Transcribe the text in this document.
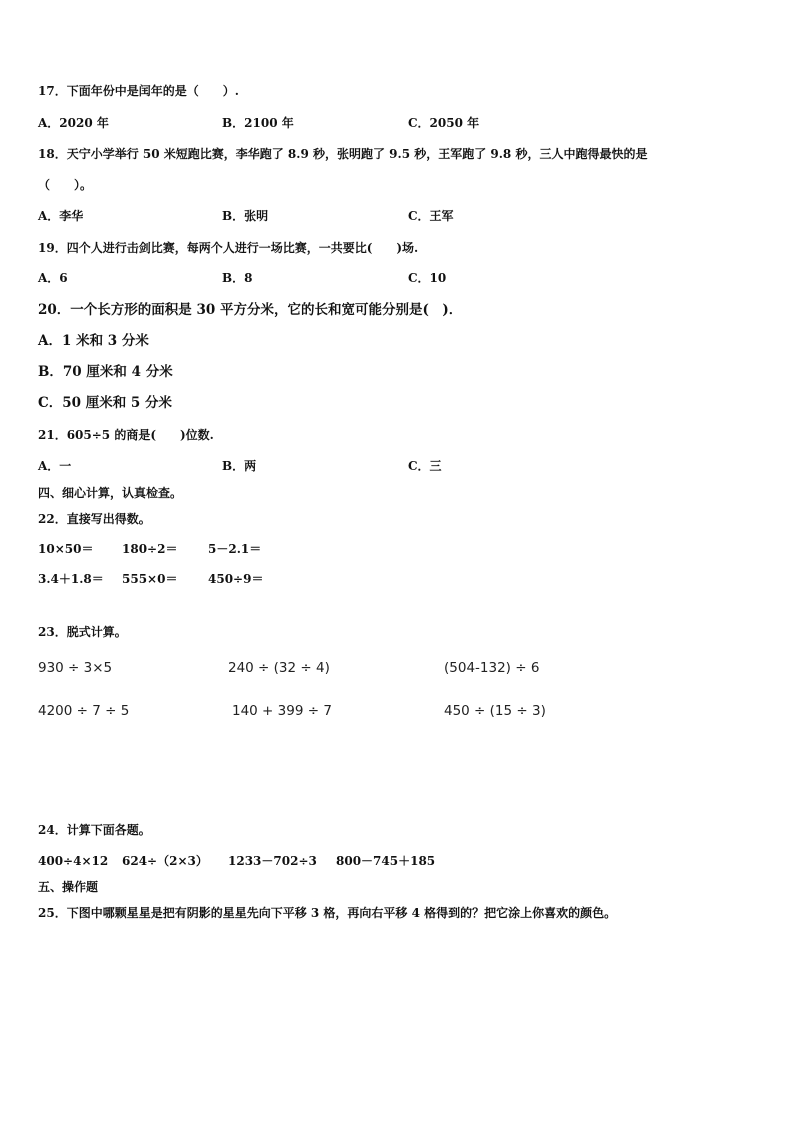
17．下面年份中是闰年的是（　　）.
A．2020 年	B．2100 年	C．2050 年
18．天宁小学举行 50 米短跑比赛，李华跑了 8.9 秒，张明跑了 9.5 秒，王军跑了 9.8 秒，三人中跑得最快的是
（　　）。
A．李华	B．张明	C．王军
19．四个人进行击剑比赛，每两个人进行一场比赛，一共要比(　　)场.
A．6	B．8	C．10
20．一个长方形的面积是 30 平方分米，它的长和宽可能分别是(　)．
A．1 米和 3 分米
B．70 厘米和 4 分米
C．50 厘米和 5 分米
21．605÷5 的商是(　　)位数.
A．一	B．两	C．三
四、细心计算，认真检查。
22．直接写出得数。
10×50＝ 180÷2＝	5－2.1＝
3.4＋1.8＝ 555×0＝	450÷9＝
23．脱式计算。
930 ÷ 3×5	240 ÷ (32 ÷ 4)	(504-132) ÷ 6
4200 ÷ 7 ÷ 5	140 + 399 ÷ 7	450 ÷ (15 ÷ 3)
24．计算下面各题。
400÷4×12 624÷（2×3） 1233－702÷3 800－745＋185
五、操作题
25．下图中哪颗星星是把有阴影的星星先向下平移 3 格，再向右平移 4 格得到的？把它涂上你喜欢的颜色。
